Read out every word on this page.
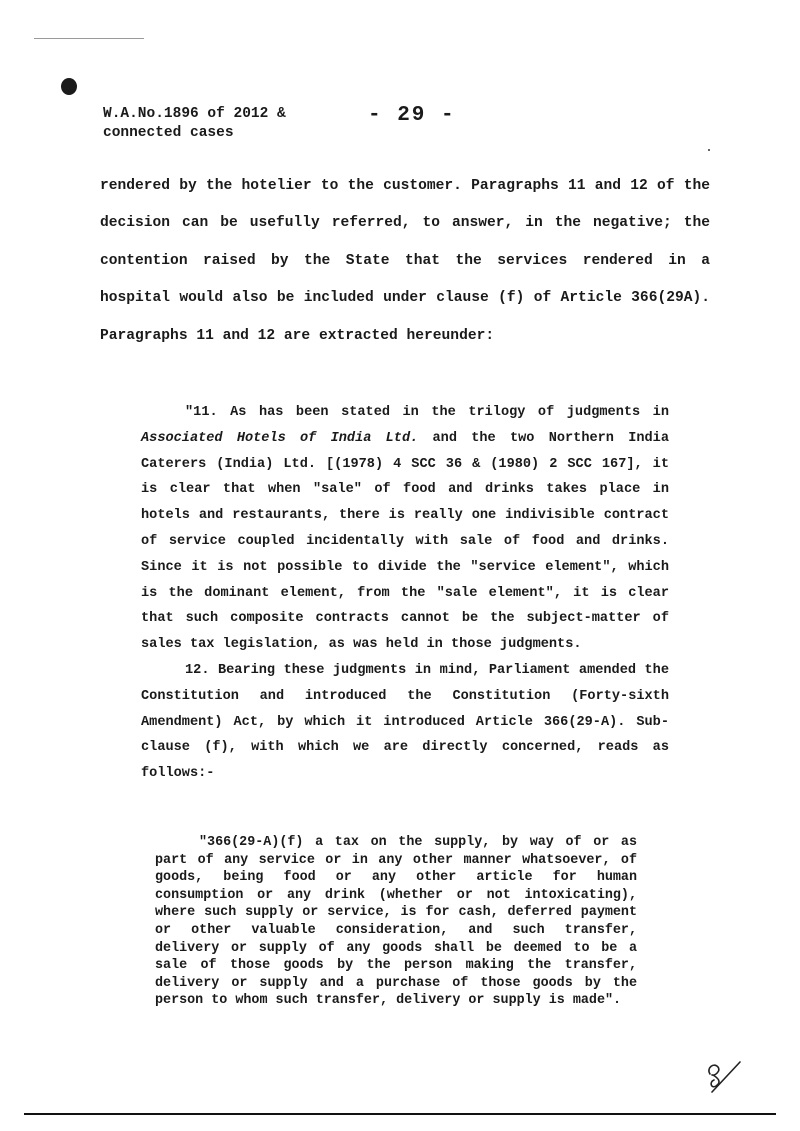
W.A.No.1896 of 2012 &
connected cases
- 29 -

rendered by the hotelier to the customer. Paragraphs 11 and 12 of the decision can be usefully referred, to answer, in the negative; the contention raised by the State that the services rendered in a hospital would also be included under clause (f) of Article 366(29A). Paragraphs 11 and 12 are extracted hereunder:

"11. As has been stated in the trilogy of judgments in Associated Hotels of India Ltd. and the two Northern India Caterers (India) Ltd. [(1978) 4 SCC 36 & (1980) 2 SCC 167], it is clear that when "sale" of food and drinks takes place in hotels and restaurants, there is really one indivisible contract of service coupled incidentally with sale of food and drinks. Since it is not possible to divide the "service element", which is the dominant element, from the "sale element", it is clear that such composite contracts cannot be the subject-matter of sales tax legislation, as was held in those judgments.

12. Bearing these judgments in mind, Parliament amended the Constitution and introduced the Constitution (Forty-sixth Amendment) Act, by which it introduced Article 366(29-A). Sub-clause (f), with which we are directly concerned, reads as follows:-

"366(29-A)(f) a tax on the supply, by way of or as part of any service or in any other manner whatsoever, of goods, being food or any other article for human consumption or any drink (whether or not intoxicating), where such supply or service, is for cash, deferred payment or other valuable consideration, and such transfer, delivery or supply of any goods shall be deemed to be a sale of those goods by the person making the transfer, delivery or supply and a purchase of those goods by the person to whom such transfer, delivery or supply is made".
